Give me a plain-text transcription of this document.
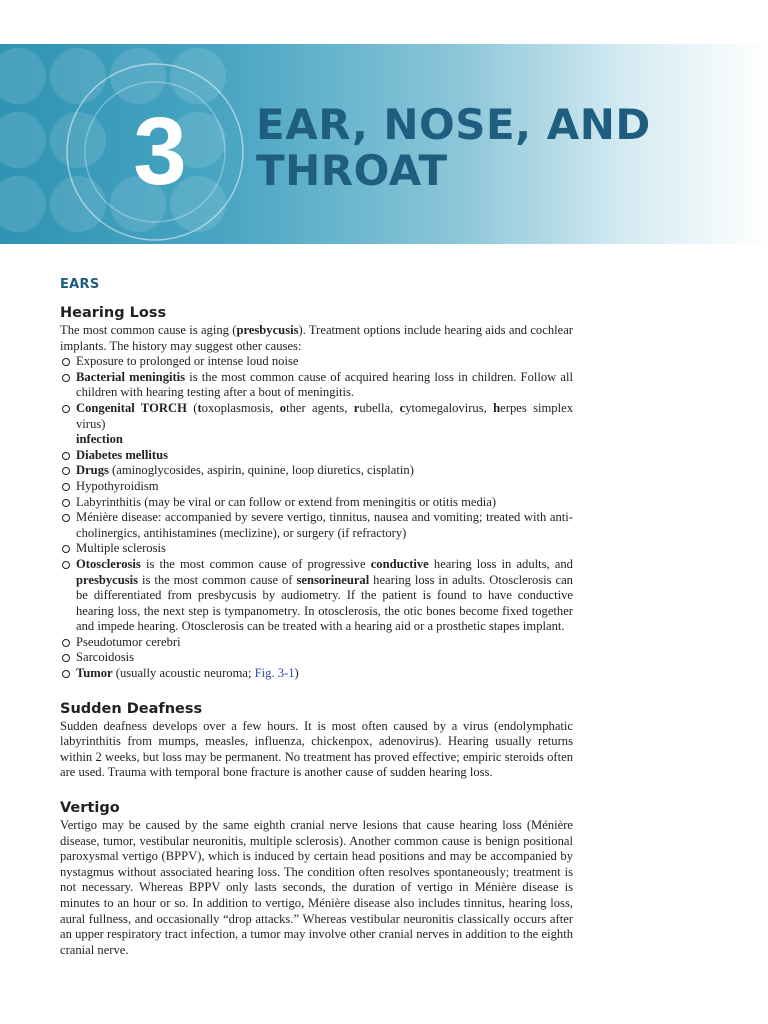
3	EAR, NOSE, AND
THROAT
EARS
Hearing Loss

The most common cause is aging (presbycusis). Treatment options include hearing aids and cochlear implants. The history may suggest other causes:

Exposure to prolonged or intense loud noise
Bacterial meningitis is the most common cause of acquired hearing loss in children. Follow all children with hearing testing after a bout of meningitis.
Congenital TORCH (toxoplasmosis, other agents, rubella, cytomegalovirus, herpes simplex virus)
infection
Diabetes mellitus
Drugs (aminoglycosides, aspirin, quinine, loop diuretics, cisplatin)
Hypothyroidism
Labyrinthitis (may be viral or can follow or extend from meningitis or otitis media)
Ménière disease: accompanied by severe vertigo, tinnitus, nausea and vomiting; treated with anti-cholinergics, antihistamines (meclizine), or surgery (if refractory)
Multiple sclerosis
Otosclerosis is the most common cause of progressive conductive hearing loss in adults, and presbycusis is the most common cause of sensorineural hearing loss in adults. Otosclerosis can be differentiated from presbycusis by audiometry. If the patient is found to have conductive hearing loss, the next step is tympanometry. In otosclerosis, the otic bones become fixed together and impede hearing. Otosclerosis can be treated with a hearing aid or a prosthetic stapes implant.
Pseudotumor cerebri
Sarcoidosis
Tumor (usually acoustic neuroma; Fig. 3-1)
Sudden Deafness

Sudden deafness develops over a few hours. It is most often caused by a virus (endolymphatic labyrinthitis from mumps, measles, influenza, chickenpox, adenovirus). Hearing usually returns within 2 weeks, but loss may be permanent. No treatment has proved effective; empiric steroids often are used. Trauma with temporal bone fracture is another cause of sudden hearing loss.

Vertigo

Vertigo may be caused by the same eighth cranial nerve lesions that cause hearing loss (Ménière disease, tumor, vestibular neuronitis, multiple sclerosis). Another common cause is benign positional paroxysmal vertigo (BPPV), which is induced by certain head positions and may be accompanied by nystagmus without associated hearing loss. The condition often resolves spontaneously; treatment is not necessary. Whereas BPPV only lasts seconds, the duration of vertigo in Ménière disease is minutes to an hour or so. In addition to vertigo, Ménière disease also includes tinnitus, hearing loss, aural fullness, and occasionally “drop attacks.” Whereas vestibular neuronitis classically occurs after an upper respiratory tract infection, a tumor may involve other cranial nerves in addition to the eighth cranial nerve.
